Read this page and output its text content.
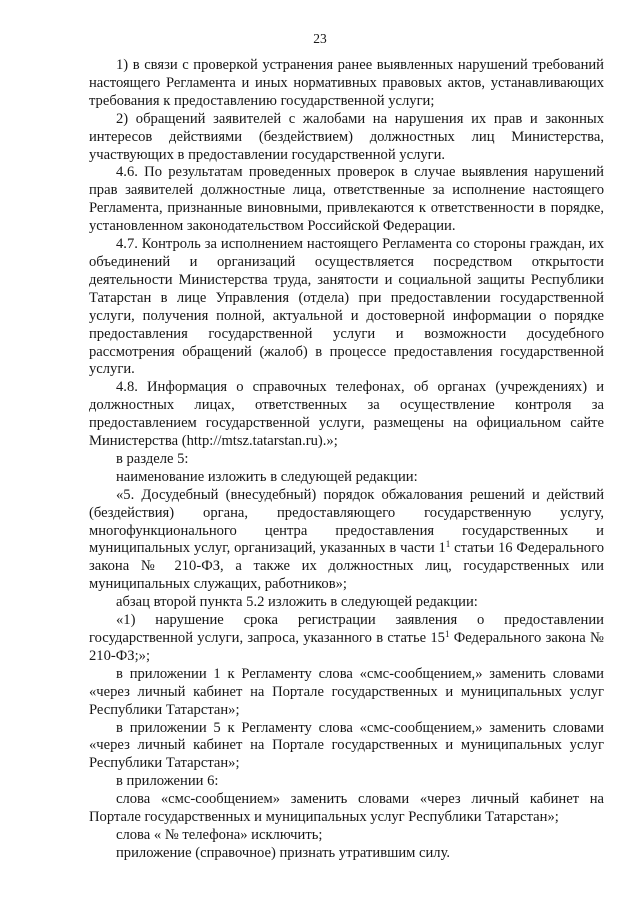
23

1) в связи с проверкой устранения ранее выявленных нарушений требований настоящего Регламента и иных нормативных правовых актов, устанавливающих требования к предоставлению государственной услуги;

2) обращений заявителей с жалобами на нарушения их прав и законных интересов действиями (бездействием) должностных лиц Министерства, участвующих в предоставлении государственной услуги.

4.6. По результатам проведенных проверок в случае выявления нарушений прав заявителей должностные лица, ответственные за исполнение настоящего Регламента, признанные виновными, привлекаются к ответственности в порядке, установленном законодательством Российской Федерации.

4.7. Контроль за исполнением настоящего Регламента со стороны граждан, их объединений и организаций осуществляется посредством открытости деятельности Министерства труда, занятости и социальной защиты Республики Татарстан в лице Управления (отдела) при предоставлении государственной услуги, получения полной, актуальной и достоверной информации о порядке предоставления государственной услуги и возможности досудебного рассмотрения обращений (жалоб) в процессе предоставления государственной услуги.

4.8. Информация о справочных телефонах, об органах (учреждениях) и должностных лицах, ответственных за осуществление контроля за предоставлением государственной услуги, размещены на официальном сайте Министерства (http://mtsz.tatarstan.ru).»;

в разделе 5:

наименование изложить в следующей редакции:

«5. Досудебный (внесудебный) порядок обжалования решений и действий (бездействия) органа, предоставляющего государственную услугу, многофункционального центра предоставления государственных и муниципальных услуг, организаций, указанных в части $1^1$ статьи 16 Федерального закона № 210-ФЗ, а также их должностных лиц, государственных или муниципальных служащих, работников»;

абзац второй пункта 5.2 изложить в следующей редакции:

«1) нарушение срока регистрации заявления о предоставлении государственной услуги, запроса, указанного в статье $15^1$ Федерального закона № 210-ФЗ;»;

в приложении 1 к Регламенту слова «смс-сообщением,» заменить словами «через личный кабинет на Портале государственных и муниципальных услуг Республики Татарстан»;

в приложении 5 к Регламенту слова «смс-сообщением,» заменить словами «через личный кабинет на Портале государственных и муниципальных услуг Республики Татарстан»;

в приложении 6:

слова «смс-сообщением» заменить словами «через личный кабинет на Портале государственных и муниципальных услуг Республики Татарстан»;

слова « № телефона» исключить;

приложение (справочное) признать утратившим силу.
